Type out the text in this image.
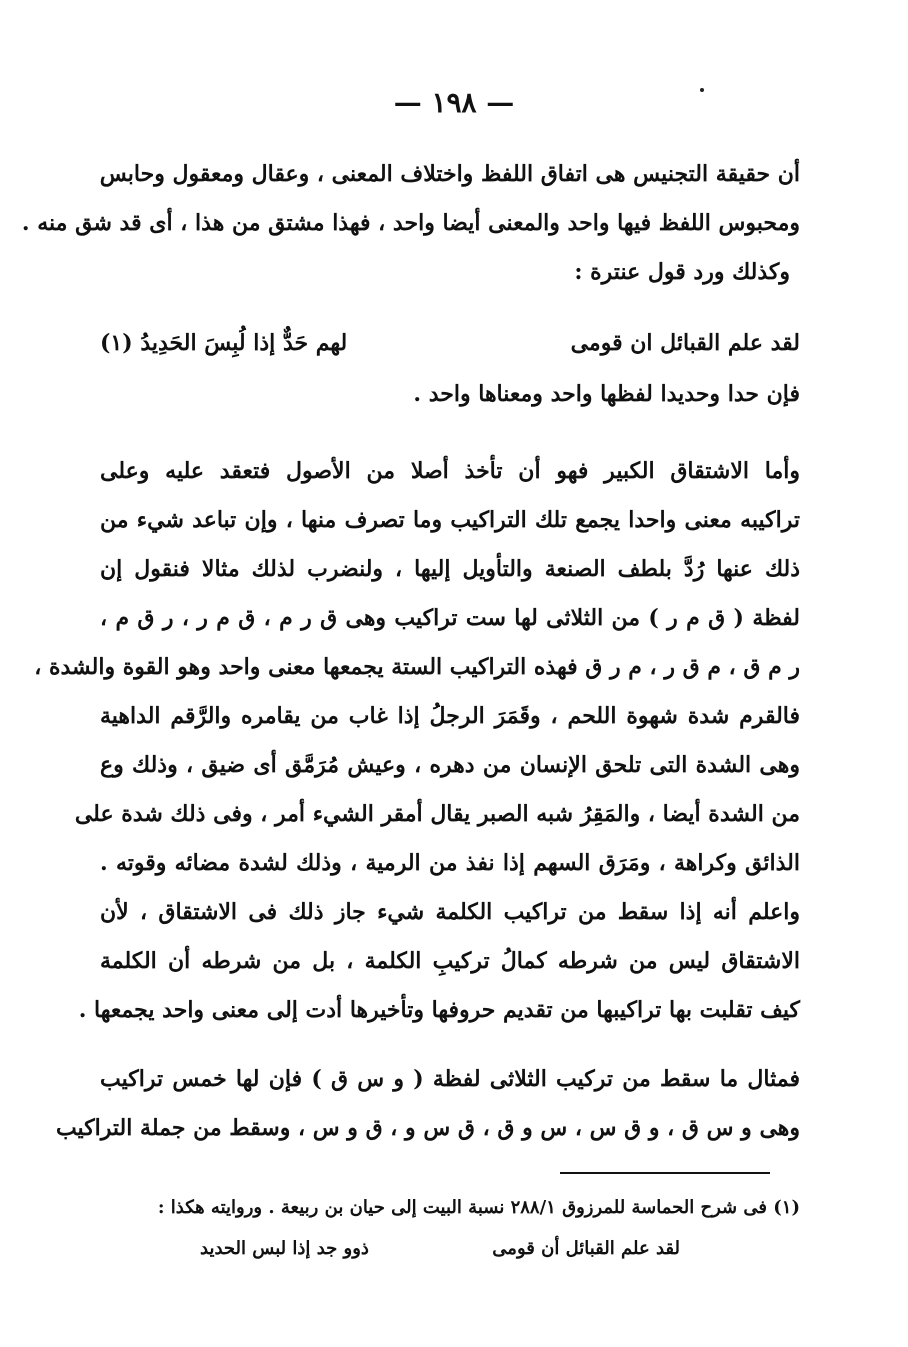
— ١٩٨ —
أن حقيقة التجنيس هى اتفاق اللفظ واختلاف المعنى ، وعقال ومعقول وحابس
ومحبوس اللفظ فيها واحد والمعنى أيضا واحد ، فهذا مشتق من هذا ، أى قد شق منه .
وكذلك ورد قول عنترة :
لقد علم القبائل ان قومى
لهم حَدٌّ إذا لُبِسَ الحَدِيدُ (١)
فإن حدا وحديدا لفظها واحد ومعناها واحد .
وأما الاشتقاق الكبير فهو أن تأخذ أصلا من الأصول فتعقد عليه وعلى
تراكيبه معنى واحدا يجمع تلك التراكيب وما تصرف منها ، وإن تباعد شيء من
ذلك عنها رُدَّ بلطف الصنعة والتأويل إليها ، ولنضرب لذلك مثالا فنقول إن
لفظة ( ق م ر ) من الثلاثى لها ست تراكيب وهى ق ر م ، ق م ر ، ر ق م ،
ر م ق ، م ق ر ، م ر ق فهذه التراكيب الستة يجمعها معنى واحد وهو القوة والشدة ،
فالقرم شدة شهوة اللحم ، وقَمَرَ الرجلُ إذا غاب من يقامره والرَّقم الداهية
وهى الشدة التى تلحق الإنسان من دهره ، وعيش مُرَمَّق أى ضيق ، وذلك وع
من الشدة أيضا ، والمَقِرُ شبه الصبر يقال أمقر الشيء أمر ، وفى ذلك شدة على
الذائق وكراهة ، ومَرَق السهم إذا نفذ من الرمية ، وذلك لشدة مضائه وقوته .
واعلم أنه إذا سقط من تراكيب الكلمة شيء جاز ذلك فى الاشتقاق ، لأن
الاشتقاق ليس من شرطه كمالُ تركيبِ الكلمة ، بل من شرطه أن الكلمة
كيف تقلبت بها تراكيبها من تقديم حروفها وتأخيرها أدت إلى معنى واحد يجمعها .
فمثال ما سقط من تركيب الثلاثى لفظة ( و س ق ) فإن لها خمس تراكيب
وهى و س ق ، و ق س ، س و ق ، ق س و ، ق و س ، وسقط من جملة التراكيب
(١) فى شرح الحماسة للمرزوق ٢٨٨/١ نسبة البيت إلى حيان بن ربيعة . وروايته هكذا :
لقد علم القبائل أن قومى
ذوو جد إذا لبس الحديد
